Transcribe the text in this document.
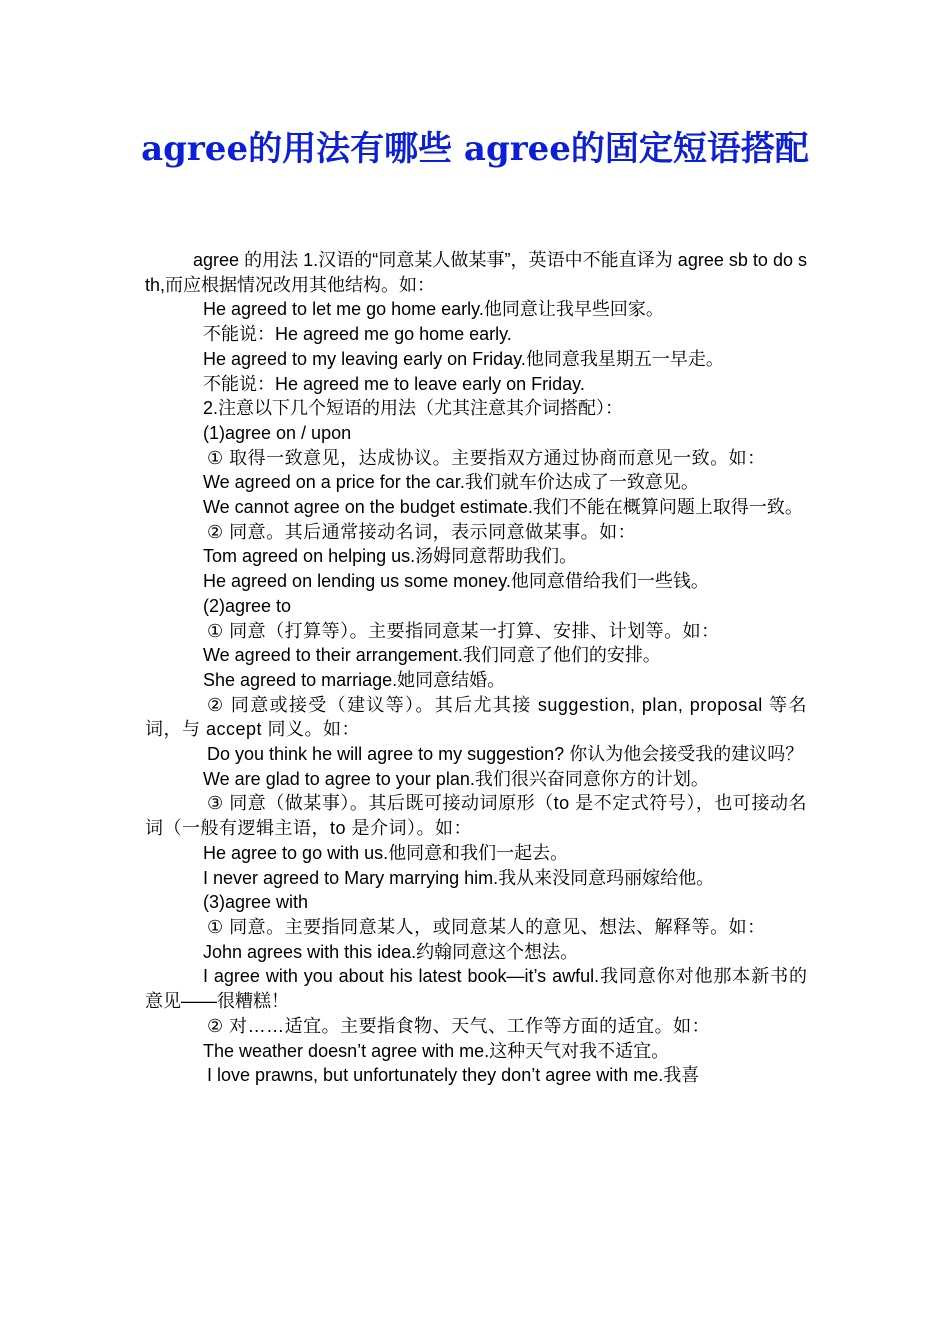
agree的用法有哪些 agree的固定短语搭配

agree 的用法 1.汉语的“同意某人做某事”，英语中不能直译为 agree sb to do sth,而应根据情况改用其他结构。如：

He agreed to let me go home early.他同意让我早些回家。

不能说：He agreed me go home early.

He agreed to my leaving early on Friday.他同意我星期五一早走。

不能说：He agreed me to leave early on Friday.

2.注意以下几个短语的用法（尤其注意其介词搭配）：

(1)agree on / upon

① 取得一致意见，达成协议。主要指双方通过协商而意见一致。如：

We agreed on a price for the car.我们就车价达成了一致意见。

We cannot agree on the budget estimate.我们不能在概算问题上取得一致。

② 同意。其后通常接动名词，表示同意做某事。如：

Tom agreed on helping us.汤姆同意帮助我们。

He agreed on lending us some money.他同意借给我们一些钱。

(2)agree to

① 同意（打算等）。主要指同意某一打算、安排、计划等。如：

We agreed to their arrangement.我们同意了他们的安排。

She agreed to marriage.她同意结婚。

② 同意或接受（建议等）。其后尤其接 suggestion, plan, proposal 等名词，与 accept 同义。如：

Do you think he will agree to my suggestion? 你认为他会接受我的建议吗？

We are glad to agree to your plan.我们很兴奋同意你方的计划。

③ 同意（做某事）。其后既可接动词原形（to 是不定式符号），也可接动名词（一般有逻辑主语，to 是介词）。如：

He agree to go with us.他同意和我们一起去。

I never agreed to Mary marrying him.我从来没同意玛丽嫁给他。

(3)agree with

① 同意。主要指同意某人，或同意某人的意见、想法、解释等。如：

John agrees with this idea.约翰同意这个想法。

I agree with you about his latest book—it’s awful.我同意你对他那本新书的意见——很糟糕！

② 对……适宜。主要指食物、天气、工作等方面的适宜。如：

The weather doesn’t agree with me.这种天气对我不适宜。

I love prawns, but unfortunately they don’t agree with me.我喜
